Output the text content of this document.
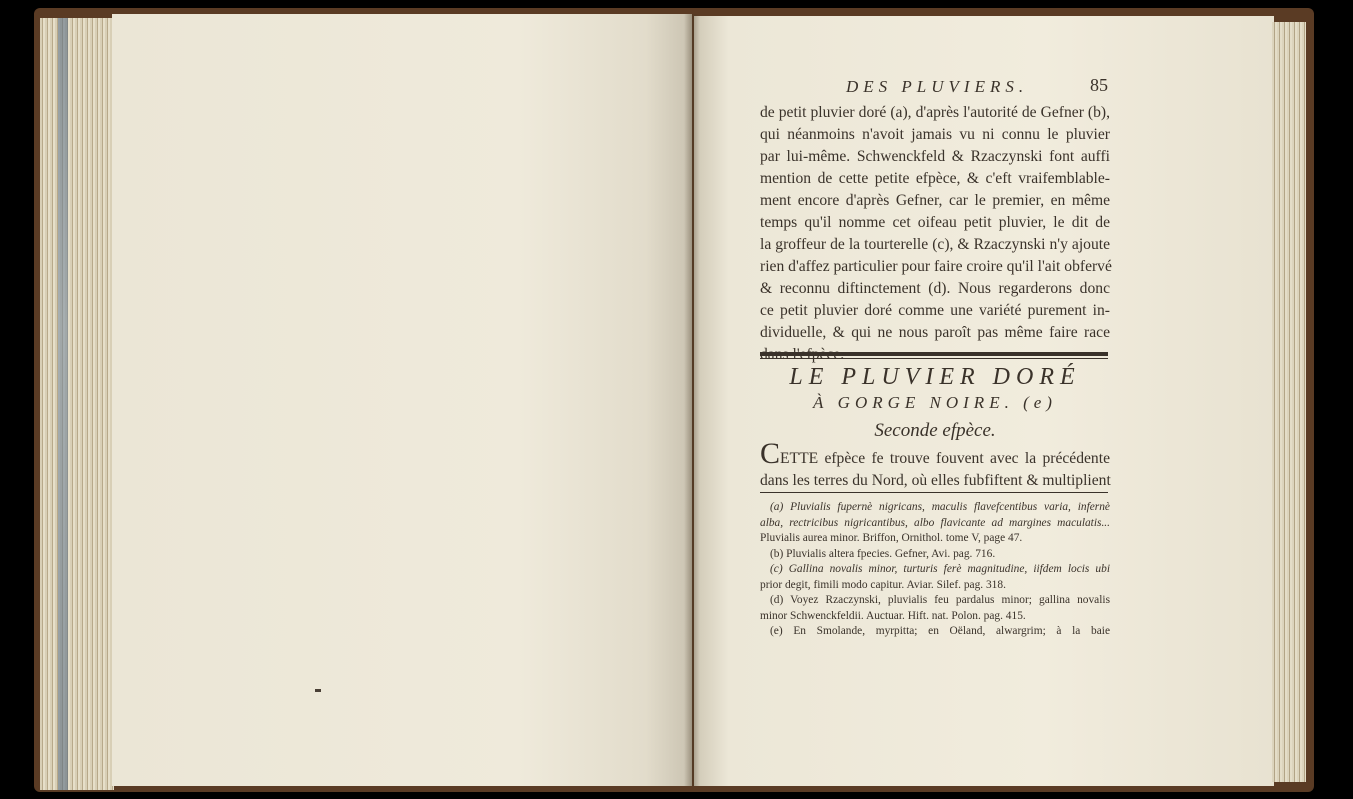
DES PLUVIERS.	85
de petit pluvier doré (a), d'après l'autorité de Gefner (b),
qui néanmoins n'avoit jamais vu ni connu le pluvier
par lui-même. Schwenckfeld & Rzaczynski font auffi
mention de cette petite efpèce, & c'eft vraifemblable-
ment encore d'après Gefner, car le premier, en même
temps qu'il nomme cet oifeau petit pluvier, le dit de
la groffeur de la tourterelle (c), & Rzaczynski n'y ajoute
rien d'affez particulier pour faire croire qu'il l'ait obfervé
& reconnu diftinctement (d). Nous regarderons donc
ce petit pluvier doré comme une variété purement in-
dividuelle, & qui ne nous paroît pas même faire race
LE PLUVIER DORÉ
À GORGE NOIRE. (e)
Seconde efpèce.
CETTE efpèce fe trouve fouvent avec la précédente
dans les terres du Nord, où elles fubfiftent & multiplient
(a) Pluvialis fupernè nigricans, maculis flavefcentibus varia, infernè
alba, rectricibus nigricantibus, albo flavicante ad margines maculatis...
Pluvialis aurea minor. Briffon, Ornithol. tome V, page 47.
(b) Pluvialis altera fpecies. Gefner, Avi. pag. 716.
(c) Gallina novalis minor, turturis ferè magnitudine, iifdem locis ubi
prior degit, fimili modo capitur. Aviar. Silef. pag. 318.
(d) Voyez Rzaczynski, pluvialis feu pardalus minor; gallina novalis
minor Schwenckfeldii. Auctuar. Hift. nat. Polon. pag. 415.
(e) En Smolande, myrpitta; en Oëland, alwargrim; à la baie
